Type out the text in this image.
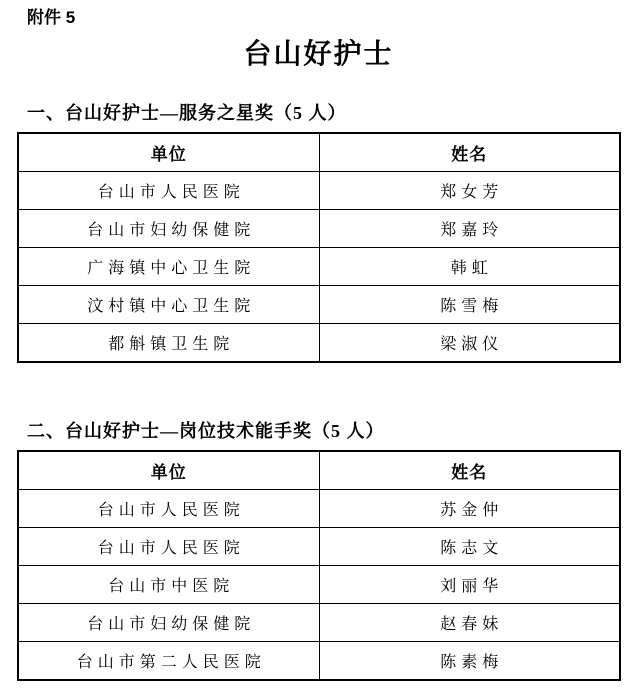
附件 5
台山好护士
一、台山好护士—服务之星奖（5 人）
单位	姓名
台山市人民医院	郑女芳
台山市妇幼保健院	郑嘉玲
广海镇中心卫生院	韩虹
汶村镇中心卫生院	陈雪梅
都斛镇卫生院	梁淑仪
二、台山好护士—岗位技术能手奖（5 人）
单位	姓名
台山市人民医院	苏金仲
台山市人民医院	陈志文
台山市中医院	刘丽华
台山市妇幼保健院	赵春妹
台山市第二人民医院	陈素梅
